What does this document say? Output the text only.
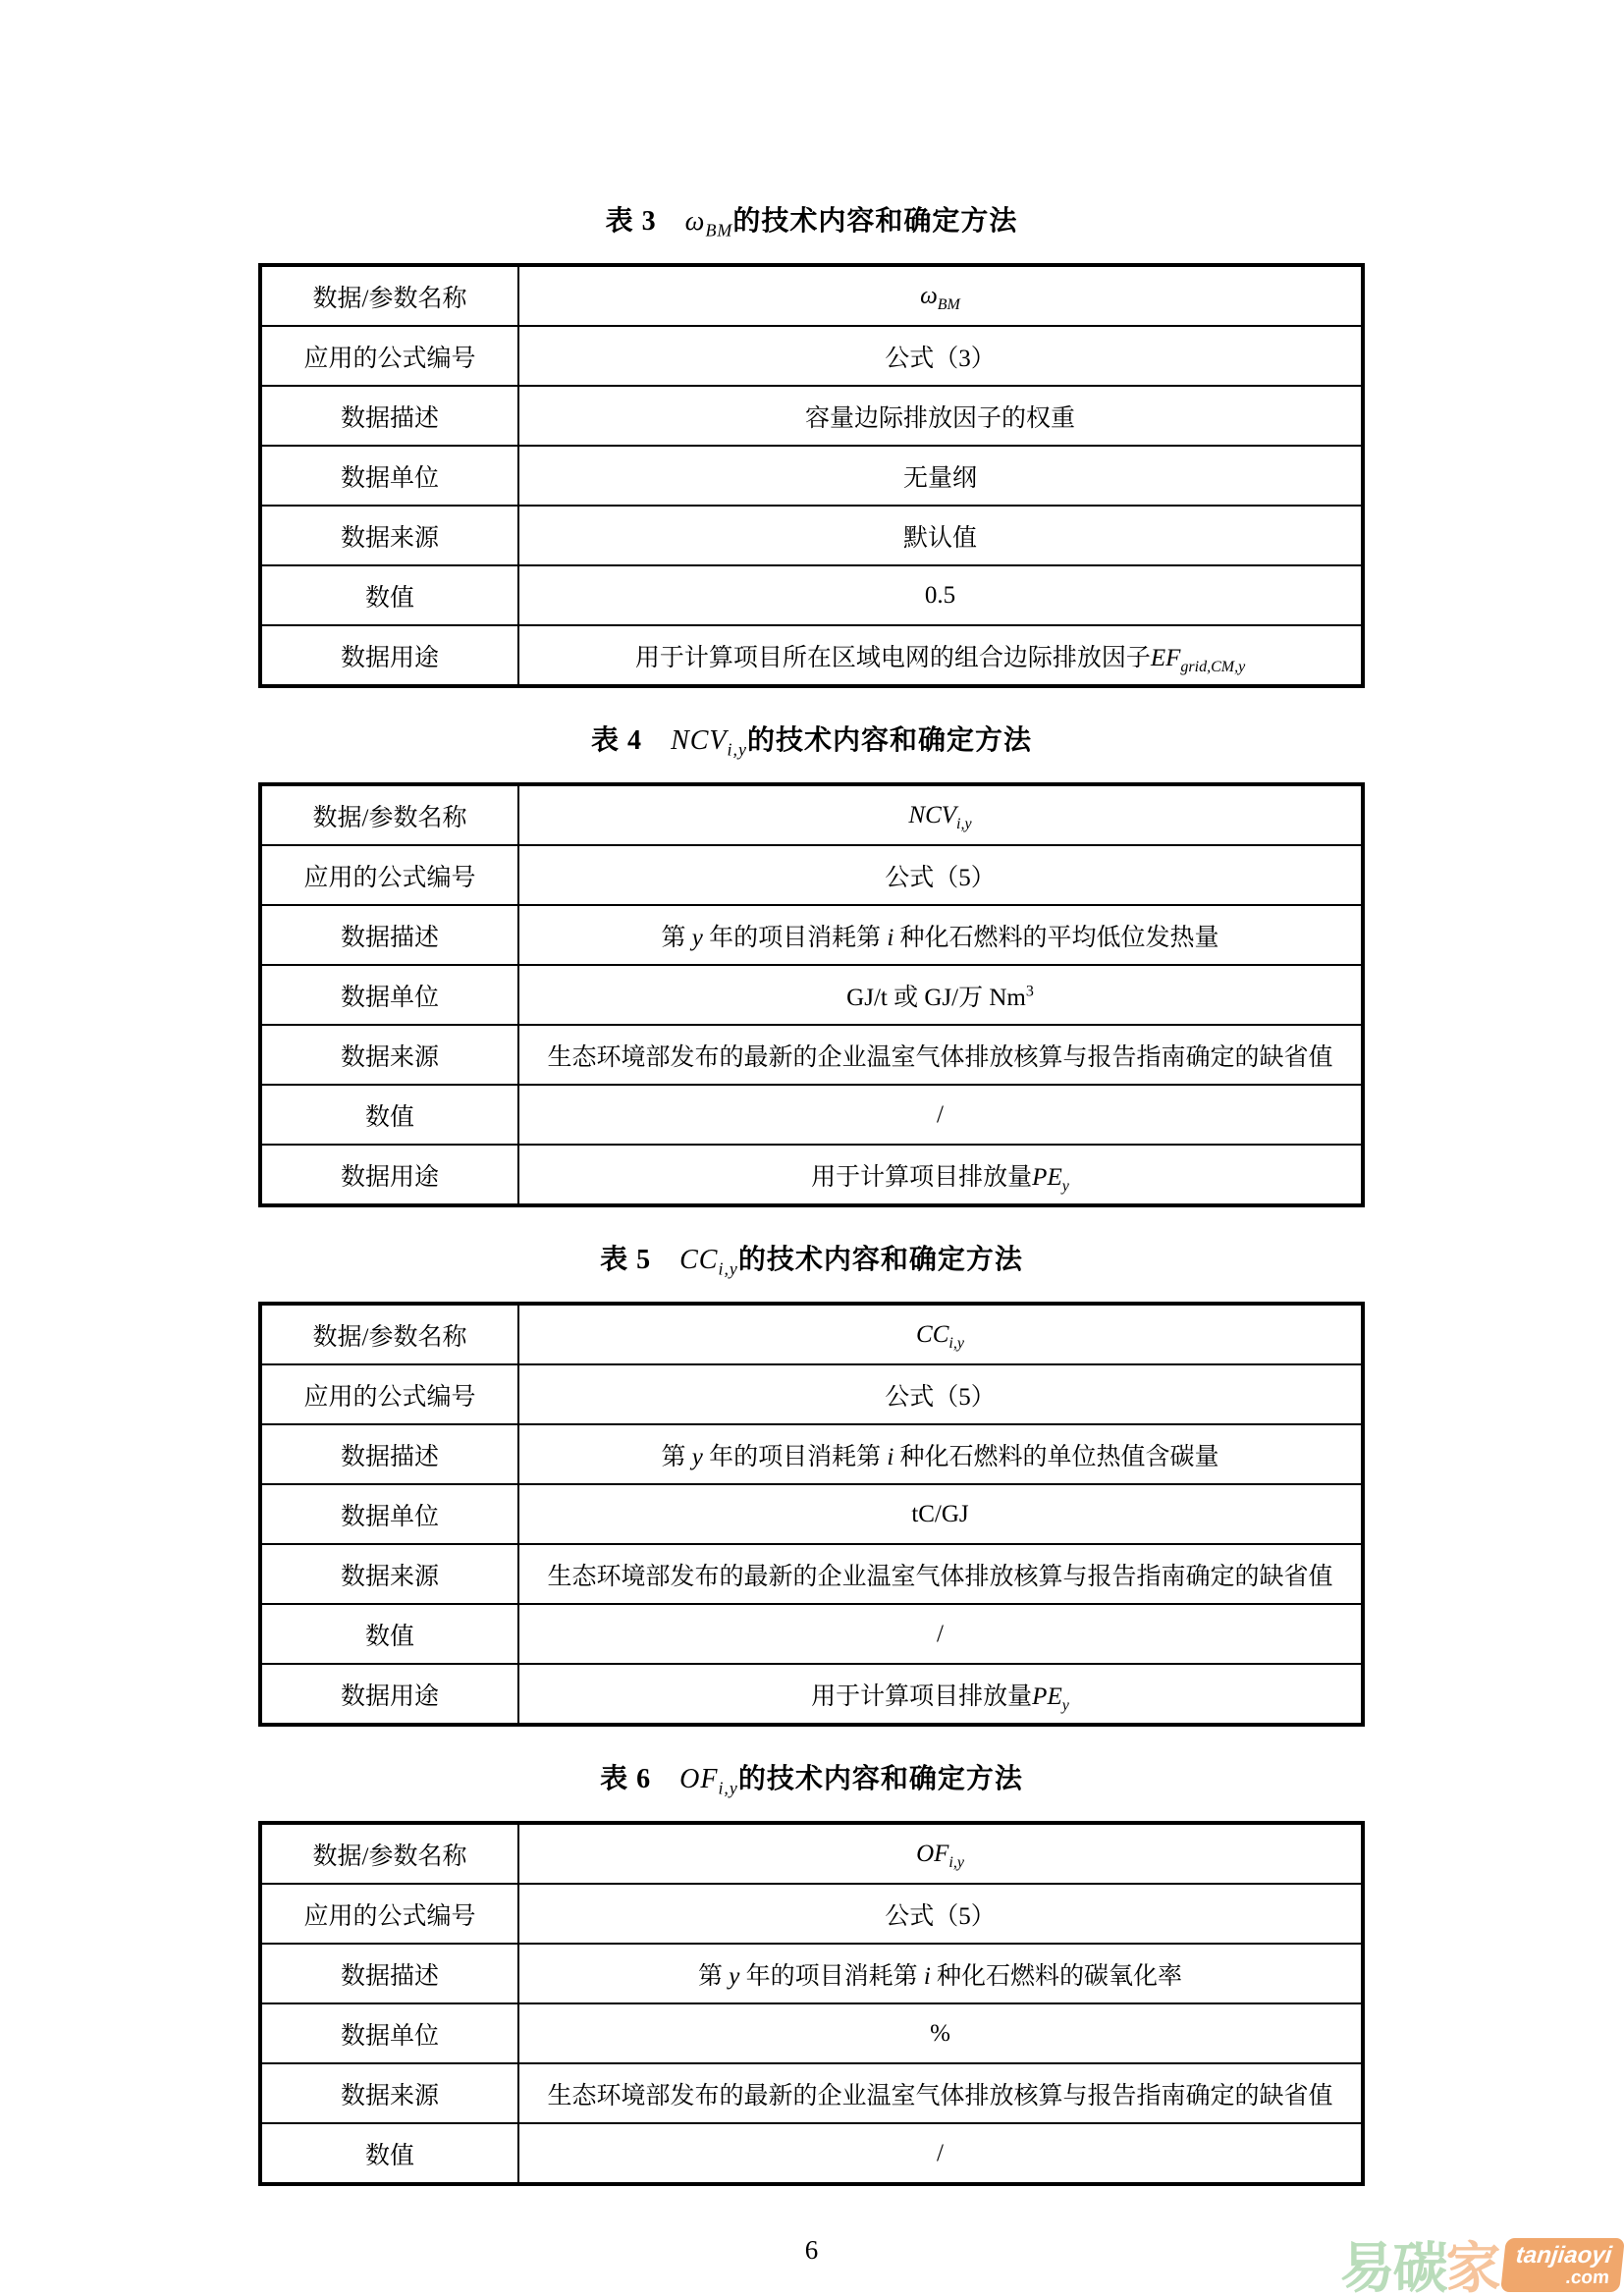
表 3　$\omega_{BM}$的技术内容和确定方法
数据/参数名称	$\omega_{BM}$
应用的公式编号	公式（3）
数据描述	容量边际排放因子的权重
数据单位	无量纲
数据来源	默认值
数值	0.5
数据用途	用于计算项目所在区域电网的组合边际排放因子$EF_{grid,CM,y}$
表 4　$NCV_{i,y}$的技术内容和确定方法
数据/参数名称	$NCV_{i,y}$
应用的公式编号	公式（5）
数据描述	第 y 年的项目消耗第 i 种化石燃料的平均低位发热量
数据单位	GJ/t 或 GJ/万 Nm$^3$
数据来源	生态环境部发布的最新的企业温室气体排放核算与报告指南确定的缺省值
数值	/
数据用途	用于计算项目排放量$PE_y$
表 5　$CC_{i,y}$的技术内容和确定方法
数据/参数名称	$CC_{i,y}$
应用的公式编号	公式（5）
数据描述	第 y 年的项目消耗第 i 种化石燃料的单位热值含碳量
数据单位	tC/GJ
数据来源	生态环境部发布的最新的企业温室气体排放核算与报告指南确定的缺省值
数值	/
数据用途	用于计算项目排放量$PE_y$
表 6　$OF_{i,y}$的技术内容和确定方法
数据/参数名称	$OF_{i,y}$
应用的公式编号	公式（5）
数据描述	第 y 年的项目消耗第 i 种化石燃料的碳氧化率
数据单位	%
数据来源	生态环境部发布的最新的企业温室气体排放核算与报告指南确定的缺省值
数值	/
6	易 碳 家 tanjiaoyi
.com
